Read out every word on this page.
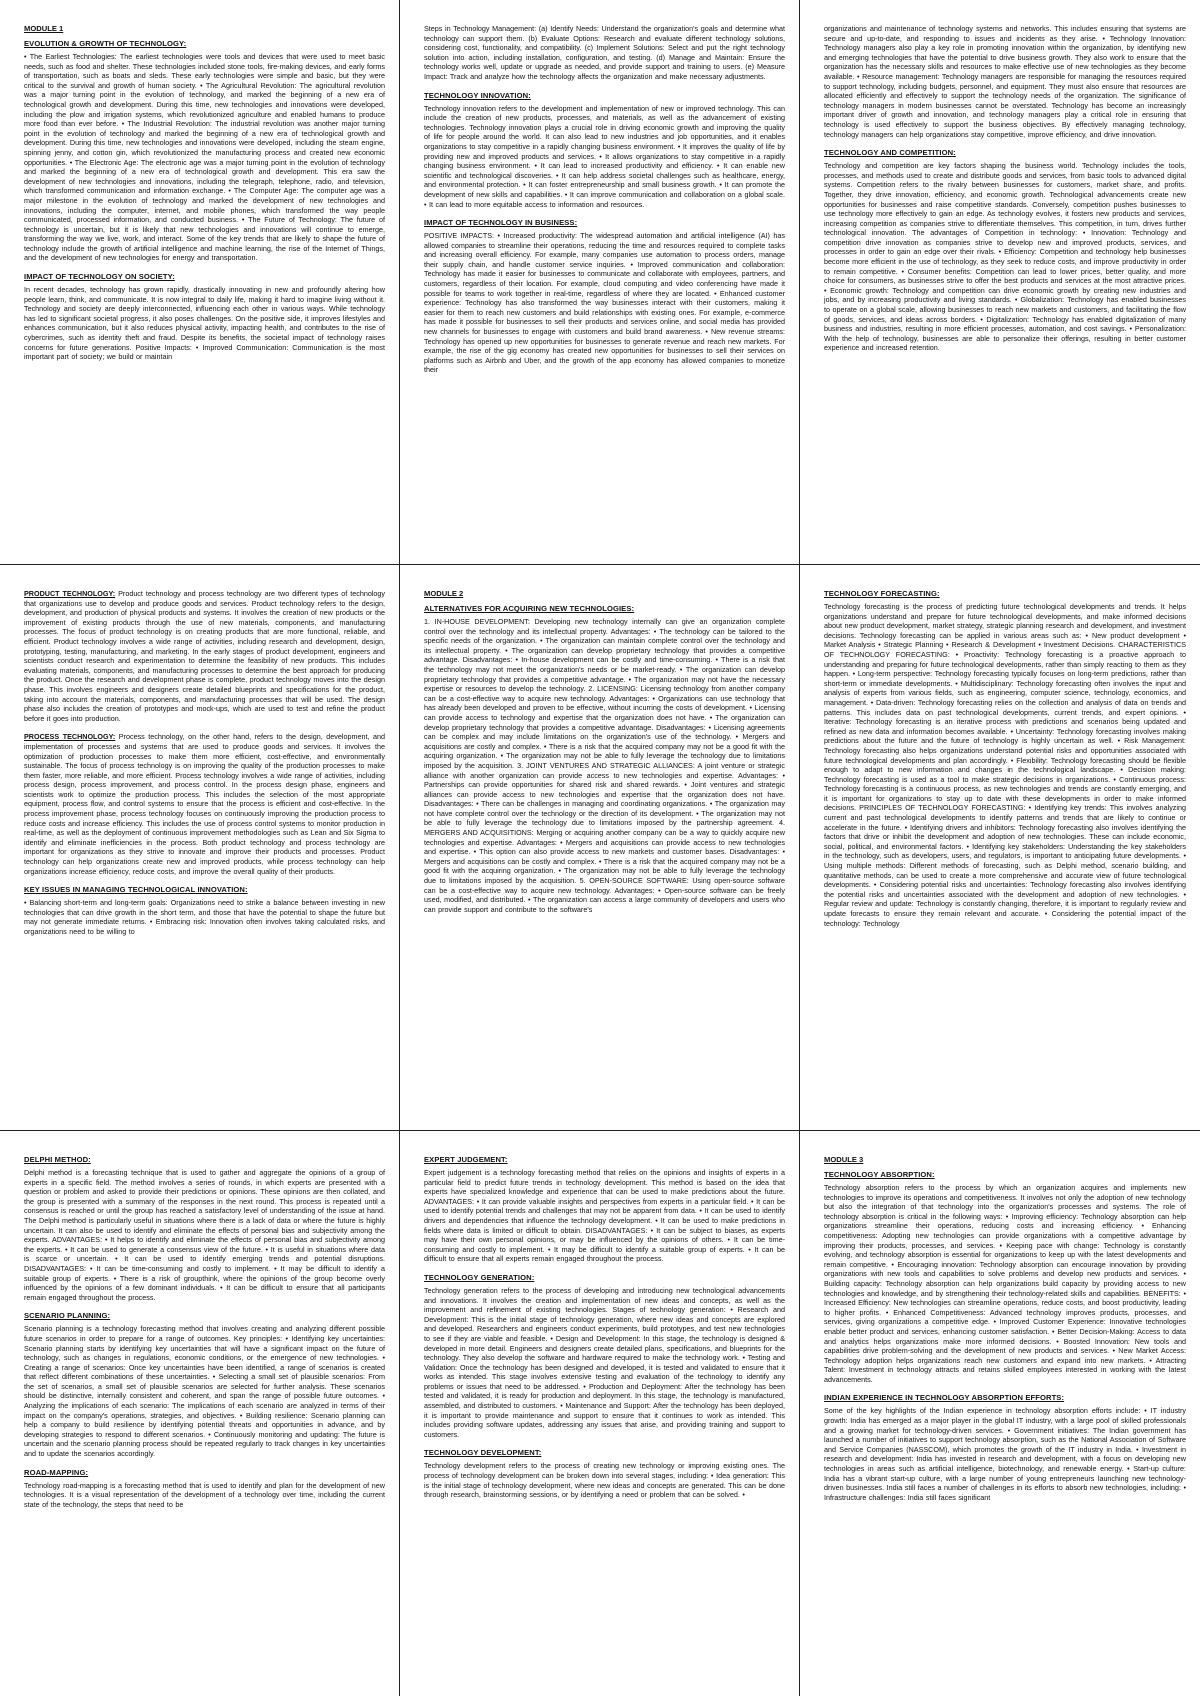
MODULE 1
EVOLUTION & GROWTH OF TECHNOLOGY:
• The Earliest Technologies: The earliest technologies were tools and devices that were used to meet basic needs, such as food and shelter. These technologies included stone tools, fire-making devices, and early forms of transportation, such as boats and sleds. These early technologies were simple and basic, but they were critical to the survival and growth of human society. • The Agricultural Revolution: The agricultural revolution was a major turning point in the evolution of technology, and marked the beginning of a new era of technological growth and development. During this time, new technologies and innovations were developed, including the plow and irrigation systems, which revolutionized agriculture and enabled humans to produce more food than ever before. • The Industrial Revolution: The industrial revolution was another major turning point in the evolution of technology and marked the beginning of a new era of technological growth and development. During this time, new technologies and innovations were developed, including the steam engine, spinning jenny, and cotton gin, which revolutionized the manufacturing process and created new economic opportunities. • The Electronic Age: The electronic age was a major turning point in the evolution of technology and marked the beginning of a new era of technological growth and development. This era saw the development of new technologies and innovations, including the telegraph, telephone, radio, and television, which transformed communication and information exchange. • The Computer Age: The computer age was a major milestone in the evolution of technology and marked the development of new technologies and innovations, including the computer, internet, and mobile phones, which transformed the way people communicated, processed information, and conducted business. • The Future of Technology: The future of technology is uncertain, but it is likely that new technologies and innovations will continue to emerge, transforming the way we live, work, and interact. Some of the key trends that are likely to shape the future of technology include the growth of artificial intelligence and machine learning, the rise of the Internet of Things, and the development of new technologies for energy and transportation.
IMPACT OF TECHNOLOGY ON SOCIETY:
In recent decades, technology has grown rapidly, drastically innovating in new and profoundly altering how people learn, think, and communicate. It is now integral to daily life, making it hard to imagine living without it. Technology and society are deeply interconnected, influencing each other in various ways. While technology has led to significant societal progress, it also poses challenges. On the positive side, it improves lifestyles and enhances communication, but it also reduces physical activity, impacting health, and contributes to the rise of cybercrimes, such as identity theft and fraud. Despite its benefits, the societal impact of technology raises concerns for future generations. Positive Impacts: • Improved Communication: Communication is the most important part of society; we build or maintain
Steps in Technology Management: (a) Identify Needs: Understand the organization's goals and determine what technology can support them. (b) Evaluate Options: Research and evaluate different technology solutions, considering cost, functionality, and compatibility. (c) Implement Solutions: Select and put the right technology solution into action, including installation, configuration, and testing. (d) Manage and Maintain: Ensure the technology works well, update or upgrade as needed, and provide support and training to users. (e) Measure Impact: Track and analyze how the technology affects the organization and make necessary adjustments.
TECHNOLOGY INNOVATION:
Technology innovation refers to the development and implementation of new or improved technology. This can include the creation of new products, processes, and materials, as well as the advancement of existing technologies. Technology innovation plays a crucial role in driving economic growth and improving the quality of life for people around the world. It can also lead to new industries and job opportunities, and it enables organizations to stay competitive in a rapidly changing business environment. • It improves the quality of life by providing new and improved products and services. • It allows organizations to stay competitive in a rapidly changing business environment. • It can lead to increased productivity and efficiency. • It can enable new scientific and technological discoveries. • It can help address societal challenges such as healthcare, energy, and environmental protection. • It can foster entrepreneurship and small business growth. • It can promote the development of new skills and capabilities. • It can improve communication and collaboration on a global scale. • It can lead to more equitable access to information and resources.
IMPACT OF TECHNOLOGY IN BUSINESS:
POSITIVE IMPACTS: • Increased productivity: The widespread automation and artificial intelligence (AI) has allowed companies to streamline their operations, reducing the time and resources required to complete tasks and increasing overall efficiency. For example, many companies use automation to process orders, manage their supply chain, and handle customer service inquiries. • Improved communication and collaboration: Technology has made it easier for businesses to communicate and collaborate with employees, partners, and customers, regardless of their location. For example, cloud computing and video conferencing have made it possible for teams to work together in real-time, regardless of where they are located. • Enhanced customer experience: Technology has also transformed the way businesses interact with their customers, making it easier for them to reach new customers and build relationships with existing ones. For example, e-commerce has made it possible for businesses to sell their products and services online, and social media has provided new channels for businesses to engage with customers and build brand awareness. • New revenue streams: Technology has opened up new opportunities for businesses to generate revenue and reach new markets. For example, the rise of the gig economy has created new opportunities for businesses to sell their services on platforms such as Airbnb and Uber, and the growth of the app economy has allowed companies to monetize their
organizations and maintenance of technology systems and networks. This includes ensuring that systems are secure and up-to-date, and responding to issues and incidents as they arise. • Technology Innovation: Technology managers also play a key role in promoting innovation within the organization, by identifying new and emerging technologies that have the potential to drive business growth. They also work to ensure that the organization has the necessary skills and resources to make effective use of new technologies as they become available. • Resource management: Technology managers are responsible for managing the resources required to support technology, including budgets, personnel, and equipment. They must also ensure that resources are allocated efficiently and effectively to support the technology needs of the organization. The significance of technology managers in modern businesses cannot be overstated. Technology has become an increasingly important driver of growth and innovation, and technology managers play a critical role in ensuring that technology is used effectively to support the business objectives. By effectively managing technology, technology managers can help organizations stay competitive, improve efficiency, and drive innovation.
TECHNOLOGY AND COMPETITION:
Technology and competition are key factors shaping the business world. Technology includes the tools, processes, and methods used to create and distribute goods and services, from basic tools to advanced digital systems. Competition refers to the rivalry between businesses for customers, market share, and profits. Together, they drive innovation, efficiency, and economic growth. Technological advancements create new opportunities for businesses and raise competitive standards. Conversely, competition pushes businesses to use technology more effectively to gain an edge. As technology evolves, it fosters new products and services, increasing competition as companies strive to differentiate themselves. This competition, in turn, drives further technological innovation. The advantages of Competition in technology: • Innovation: Technology and competition drive innovation as companies strive to develop new and improved products, services, and processes in order to gain an edge over their rivals. • Efficiency: Competition and technology help businesses become more efficient in the use of technology, as they seek to reduce costs, and improve productivity in order to remain competitive. • Consumer benefits: Competition can lead to lower prices, better quality, and more choice for consumers, as businesses strive to offer the best products and services at the most attractive prices. • Economic growth: Technology and competition can drive economic growth by creating new industries and jobs, and by increasing productivity and living standards. • Globalization: Technology has enabled businesses to operate on a global scale, allowing businesses to reach new markets and customers, and facilitating the flow of goods, services, and ideas across borders. • Digitalization: Technology has enabled digitalization of many business and industries, resulting in more efficient processes, automation, and cost savings. • Personalization: With the help of technology, businesses are able to personalize their offerings, resulting in better customer experience and increased retention.
PRODUCT TECHNOLOGY: Product technology and process technology are two different types of technology that organizations use to develop and produce goods and services. Product technology refers to the design, development, and production of physical products and systems. It involves the creation of new products or the improvement of existing products through the use of new materials, components, and manufacturing processes. The focus of product technology is on creating products that are more functional, reliable, and efficient. Product technology involves a wide range of activities, including research and development, design, prototyping, testing, manufacturing, and marketing. In the early stages of product development, engineers and scientists conduct research and experimentation to determine the feasibility of new products. This includes evaluating materials, components, and manufacturing processes to determine the best approach for producing the product. Once the research and development phase is complete, product technology moves into the design phase. This involves engineers and designers create detailed blueprints and specifications for the product, taking into account the materials, components, and manufacturing processes that will be used. The design phase also includes the creation of prototypes and mock-ups, which are used to test and refine the product before it goes into production.
PROCESS TECHNOLOGY: Process technology, on the other hand, refers to the design, development, and implementation of processes and systems that are used to produce goods and services. It involves the optimization of production processes to make them more efficient, cost-effective, and environmentally sustainable. The focus of process technology is on improving the quality of the production processes to make them faster, more reliable, and more efficient. Process technology involves a wide range of activities, including process design, process improvement, and process control. In the process design phase, engineers and scientists work to optimize the production process. This includes the selection of the most appropriate equipment, process flow, and control systems to ensure that the process is efficient and cost-effective. In the process improvement phase, process technology focuses on continuously improving the production process to reduce costs and increase efficiency. This includes the use of process control systems to monitor production in real-time, as well as the deployment of continuous improvement methodologies such as Lean and Six Sigma to identify and eliminate inefficiencies in the process. Both product technology and process technology are important for organizations as they strive to innovate and improve their products and processes. Product technology can help organizations create new and improved products, while process technology can help organizations increase efficiency, reduce costs, and improve the overall quality of their products.
KEY ISSUES IN MANAGING TECHNOLOGICAL INNOVATION:
• Balancing short-term and long-term goals: Organizations need to strike a balance between investing in new technologies that can drive growth in the short term, and those that have the potential to shape the future but may not generate immediate returns. • Embracing risk: Innovation often involves taking calculated risks, and organizations need to be willing to
MODULE 2
ALTERNATIVES FOR ACQUIRING NEW TECHNOLOGIES:
1. IN-HOUSE DEVELOPMENT: Developing new technology internally can give an organization complete control over the technology and its intellectual property. Advantages: • The technology can be tailored to the specific needs of the organization. • The organization can maintain complete control over the technology and its intellectual property. • The organization can develop proprietary technology that provides a competitive advantage. Disadvantages: • In-house development can be costly and time-consuming. • There is a risk that the technology may not meet the organization's needs or be market-ready. • The organization can develop proprietary technology that provides a competitive advantage. • The organization may not have the necessary expertise or resources to develop the technology. 2. LICENSING: Licensing technology from another company can be a cost-effective way to acquire new technology. Advantages: • Organizations can use technology that has already been developed and proven to be effective, without incurring the costs of development. • Licensing can provide access to technology and expertise that the organization does not have. • The organization can develop proprietary technology that provides a competitive advantage. Disadvantages: • Licensing agreements can be complex and may include limitations on the organization's use of the technology. • Mergers and acquisitions are costly and complex. • There is a risk that the acquired company may not be a good fit with the acquiring organization. • The organization may not be able to fully leverage the technology due to limitations imposed by the acquisition. 3. JOINT VENTURES AND STRATEGIC ALLIANCES: A joint venture or strategic alliance with another organization can provide access to new technologies and expertise. Advantages: • Partnerships can provide opportunities for shared risk and shared rewards. • Joint ventures and strategic alliances can provide access to new technologies and expertise that the organization does not have. Disadvantages: • There can be challenges in managing and coordinating organizations. • The organization may not have complete control over the technology or the direction of its development. • The organization may not be able to fully leverage the technology due to limitations imposed by the partnership agreement. 4. MERGERS AND ACQUISITIONS: Merging or acquiring another company can be a way to quickly acquire new technologies and expertise. Advantages: • Mergers and acquisitions can provide access to new technologies and expertise. • This option can also provide access to new markets and customer bases. Disadvantages: • Mergers and acquisitions can be costly and complex. • There is a risk that the acquired company may not be a good fit with the acquiring organization. • The organization may not be able to fully leverage the technology due to limitations imposed by the acquisition. 5. OPEN-SOURCE SOFTWARE: Using open-source software can be a cost-effective way to acquire new technology. Advantages: • Open-source software can be freely used, modified, and distributed. • The organization can access a large community of developers and users who can provide support and contribute to the software's
TECHNOLOGY FORECASTING:
Technology forecasting is the process of predicting future technological developments and trends. It helps organizations understand and prepare for future technological developments, and make informed decisions about new product development, market strategy, strategic planning research and development, and investment decisions. Technology forecasting can be applied in various areas such as: • New product development • Market Analysis • Strategic Planning • Research & Development • Investment Decisions. CHARACTERISTICS OF TECHNOLOGY FORECASTING: • Proactivity: Technology forecasting is a proactive approach to understanding and preparing for future technological developments, rather than simply reacting to them as they happen. • Long-term perspective: Technology forecasting typically focuses on long-term predictions, rather than short-term or immediate developments. • Multidisciplinary: Technology forecasting often involves the input and analysis of experts from various fields, such as engineering, computer science, technology, economics, and management. • Data-driven: Technology forecasting relies on the collection and analysis of data on trends and patterns. This includes data on past technological developments, current trends, and expert opinions. • Iterative: Technology forecasting is an iterative process with predictions and scenarios being updated and refined as new data and information becomes available. • Uncertainty: Technology forecasting involves making predictions about the future and the future of technology is highly uncertain as well. • Risk Management: Technology forecasting also helps organizations understand potential risks and opportunities associated with future technological developments and plan accordingly. • Flexibility: Technology forecasting should be flexible enough to adapt to new information and changes in the technological landscape. • Decision making: Technology forecasting is used as a tool to make strategic decisions in organizations. • Continuous process: Technology forecasting is a continuous process, as new technologies and trends are constantly emerging, and it is important for organizations to stay up to date with these developments in order to make informed decisions. PRINCIPLES OF TECHNOLOGY FORECASTING: • Identifying key trends: This involves analyzing current and past technological developments to identify patterns and trends that are likely to continue or accelerate in the future. • Identifying drivers and inhibitors: Technology forecasting also involves identifying the factors that drive or inhibit the development and adoption of new technologies. These can include economic, social, political, and environmental factors. • Identifying key stakeholders: Understanding the key stakeholders in the technology, such as developers, users, and regulators, is important to anticipating future developments. • Using multiple methods: Different methods of forecasting, such as Delphi method, scenario building, and quantitative methods, can be used to create a more comprehensive and accurate view of future technological developments. • Considering potential risks and uncertainties: Technology forecasting also involves identifying the potential risks and uncertainties associated with the development and adoption of new technologies. • Regular review and update: Technology is constantly changing, therefore, it is important to regularly review and update forecasts to ensure they remain relevant and accurate. • Considering the potential impact of the technology: Technology
DELPHI METHOD:
Delphi method is a forecasting technique that is used to gather and aggregate the opinions of a group of experts in a specific field. The method involves a series of rounds, in which experts are presented with a question or problem and asked to provide their predictions or opinions. These opinions are then collated, and the group is presented with a summary of the responses in the next round. This process is repeated until a consensus is reached or until the group has reached a satisfactory level of understanding of the issue at hand. The Delphi method is particularly useful in situations where there is a lack of data or where the future is highly uncertain. It can also be used to identify and eliminate the effects of personal bias and subjectivity among the experts. ADVANTAGES: • It helps to identify and eliminate the effects of personal bias and subjectivity among the experts. • It can be used to generate a consensus view of the future. • It is useful in situations where data is scarce or uncertain. • It can be used to identify emerging trends and potential disruptions. DISADVANTAGES: • It can be time-consuming and costly to implement. • It may be difficult to identify a suitable group of experts. • There is a risk of groupthink, where the opinions of the group become overly influenced by the opinions of a few dominant individuals. • It can be difficult to ensure that all participants remain engaged throughout the process.
SCENARIO PLANNING:
Scenario planning is a technology forecasting method that involves creating and analyzing different possible future scenarios in order to prepare for a range of outcomes. Key principles: • Identifying key uncertainties: Scenario planning starts by identifying key uncertainties that will have a significant impact on the future of technology, such as changes in regulations, economic conditions, or the emergence of new technologies. • Creating a range of scenarios: Once key uncertainties have been identified, a range of scenarios is created that reflect different combinations of these uncertainties. • Selecting a small set of plausible scenarios: From the set of scenarios, a small set of plausible scenarios are selected for further analysis. These scenarios should be distinctive, internally consistent and coherent, and span the range of possible future outcomes. • Analyzing the implications of each scenario: The implications of each scenario are analyzed in terms of their impact on the company's operations, strategies, and objectives. • Building resilience: Scenario planning can help a company to build resilience by identifying potential threats and opportunities in advance, and by developing strategies to respond to different scenarios. • Continuously monitoring and updating: The future is uncertain and the scenario planning process should be repeated regularly to track changes in key uncertainties and to update the scenarios accordingly.
ROAD-MAPPING:
Technology road-mapping is a forecasting method that is used to identify and plan for the development of new technologies. It is a visual representation of the development of a technology over time, including the current state of the technology, the steps that need to be
EXPERT JUDGEMENT:
Expert judgement is a technology forecasting method that relies on the opinions and insights of experts in a particular field to predict future trends in technology development. This method is based on the idea that experts have specialized knowledge and experience that can be used to make predictions about the future. ADVANTAGES: • It can provide valuable insights and perspectives from experts in a particular field. • It can be used to identify potential trends and challenges that may not be apparent from data. • It can be used to identify drivers and dependencies that influence the technology development. • It can be used to make predictions in fields where data is limited or difficult to obtain. DISADVANTAGES: • It can be subject to biases, as experts may have their own personal opinions, or may be influenced by the opinions of others. • It can be time-consuming and costly to implement. • It may be difficult to identify a suitable group of experts. • It can be difficult to ensure that all experts remain engaged throughout the process.
TECHNOLOGY GENERATION:
Technology generation refers to the process of developing and introducing new technological advancements and innovations. It involves the creation and implementation of new ideas and concepts, as well as the improvement and refinement of existing technologies. Stages of technology generation: • Research and Development: This is the initial stage of technology generation, where new ideas and concepts are explored and developed. Researchers and engineers conduct experiments, build prototypes, and test new technologies to see if they are viable and feasible. • Design and Development: In this stage, the technology is designed & developed in more detail. Engineers and designers create detailed plans, specifications, and blueprints for the technology. They also develop the software and hardware required to make the technology work. • Testing and Validation: Once the technology has been designed and developed, it is tested and validated to ensure that it works as intended. This stage involves extensive testing and evaluation of the technology to identify any problems or issues that need to be addressed. • Production and Deployment: After the technology has been tested and validated, it is ready for production and deployment. In this stage, the technology is manufactured, assembled, and distributed to customers. • Maintenance and Support: After the technology has been deployed, it is important to provide maintenance and support to ensure that it continues to work as intended. This includes providing software updates, addressing any issues that arise, and providing training and support to customers.
TECHNOLOGY DEVELOPMENT:
Technology development refers to the process of creating new technology or improving existing ones. The process of technology development can be broken down into several stages, including: • Idea generation: This is the initial stage of technology development, where new ideas and concepts are generated. This can be done through research, brainstorming sessions, or by identifying a need or problem that can be solved. •
MODULE 3
TECHNOLOGY ABSORPTION:
Technology absorption refers to the process by which an organization acquires and implements new technologies to improve its operations and competitiveness. It involves not only the adoption of new technology but also the integration of that technology into the organization's processes and systems. The role of technology absorption is critical in the following ways: • Improving efficiency: Technology absorption can help organizations streamline their operations, reducing costs and increasing efficiency. • Enhancing competitiveness: Adopting new technologies can provide organizations with a competitive advantage by improving their products, processes, and services. • Keeping pace with change: Technology is constantly evolving, and technology absorption is essential for organizations to keep up with the latest developments and remain competitive. • Encouraging innovation: Technology absorption can encourage innovation by providing organizations with new tools and capabilities to solve problems and develop new products and services. • Building capacity: Technology absorption can help organizations build capacity by providing access to new technologies and knowledge, and by strengthening their technology-related skills and capabilities. BENEFITS: • Increased Efficiency: New technologies can streamline operations, reduce costs, and boost productivity, leading to higher profits. • Enhanced Competitiveness: Advanced technology improves products, processes, and services, giving organizations a competitive edge. • Improved Customer Experience: Innovative technologies enable better product and services, enhancing customer satisfaction. • Better Decision-Making: Access to data and analytics helps organizations make more informed decisions. • Boosted Innovation: New tools and capabilities drive problem-solving and the development of new products and services. • New Market Access: Technology adoption helps organizations reach new customers and expand into new markets. • Attracting Talent: Investment in technology attracts and retains skilled employees interested in working with the latest advancements.
INDIAN EXPERIENCE IN TECHNOLOGY ABSORPTION EFFORTS:
Some of the key highlights of the Indian experience in technology absorption efforts include: • IT industry growth: India has emerged as a major player in the global IT industry, with a large pool of skilled professionals and a growing market for technology-driven services. • Government initiatives: The Indian government has launched a number of initiatives to support technology absorption, such as the National Association of Software and Service Companies (NASSCOM), which promotes the growth of the IT industry in India. • Investment in research and development: India has invested in research and development, with a focus on developing new technologies in areas such as artificial intelligence, biotechnology, and renewable energy. • Start-up culture: India has a vibrant start-up culture, with a large number of young entrepreneurs launching new technology-driven businesses. India still faces a number of challenges in its efforts to absorb new technologies, including: • Infrastructure challenges: India still faces significant
